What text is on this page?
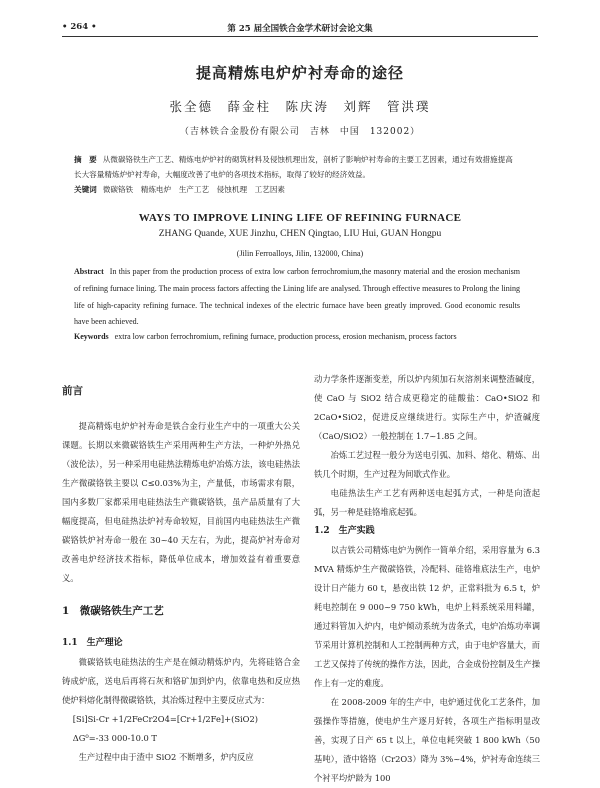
• 264 •	第 25 届全国铁合金学术研讨会论文集
提高精炼电炉炉衬寿命的途径
张全德　薛金柱　陈庆涛　刘辉　管洪璞
（吉林铁合金股份有限公司　吉林　中国　132002）
摘　要 从微碳铬铁生产工艺、精炼电炉炉衬的砌筑材料及侵蚀机理出发，剖析了影响炉衬寿命的主要工艺因素，通过有效措施提高长大容量精炼炉炉衬寿命，大幅度改善了电炉的各项技术指标，取得了较好的经济效益。
关键词 微碳铬铁　精炼电炉　生产工艺　侵蚀机理　工艺因素
WAYS TO IMPROVE LINING LIFE OF REFINING FURNACE
ZHANG Quande, XUE Jinzhu, CHEN Qingtao, LIU Hui, GUAN Hongpu
(Jilin Ferroalloys, Jilin, 132000, China)
Abstract In this paper from the production process of extra low carbon ferrochromium,the masonry material and the erosion mechanism of refining furnace lining. The main process factors affecting the Lining life are analysed. Through effective measures to Prolong the lining life of high-capacity refining furnace. The technical indexes of the electric furnace have been greatly improved. Good economic results have been achieved.
Keywords extra low carbon ferrochromium, refining furnace, production process, erosion mechanism, process factors
前言

提高精炼电炉炉衬寿命是铁合金行业生产中的一项重大公关课题。长期以来微碳铬铁生产采用两种生产方法，一种炉外热兑（波伦法），另一种采用电硅热法精炼电炉冶炼方法，该电硅热法生产微碳铬铁主要以 C≤0.03%为主，产量低，市场需求有限，国内多数厂家都采用电硅热法生产微碳铬铁，虽产品质量有了大幅度提高，但电硅热法炉衬寿命较短，目前国内电硅热法生产微碳铬铁炉衬寿命一般在 30~40 天左右，为此，提高炉衬寿命对改善电炉经济技术指标，降低单位成本，增加效益有着重要意义。

1　微碳铬铁生产工艺
1.1　生产理论

微碳铬铁电硅热法的生产是在倾动精炼炉内，先将硅铬合金铸成炉底，送电后再将石灰和铬矿加到炉内，依靠电热和反应热使炉料熔化制得微碳铬铁，其冶炼过程中主要反应式为：

[Si]Si-Cr +1/2FeCr2O4=[Cr+1/2Fe]+(SiO2)

ΔG⁰=-33 000-10.0 T

生产过程中由于渣中 SiO2 不断增多，炉内反应

动力学条件逐渐变差，所以炉内须加石灰溶剂来调整渣碱度，使 CaO 与 SiO2 结合成更稳定的硅酸盐：CaO•SiO2 和 2CaO•SiO2，促进反应继续进行。实际生产中，炉渣碱度（CaO/SiO2）一般控制在 1.7~1.85 之间。

冶炼工艺过程一般分为送电引弧、加料、熔化、精炼、出铁几个时期，生产过程为间歇式作业。

电硅热法生产工艺有两种送电起弧方式，一种是向渣起弧，另一种是硅铬堆底起弧。

1.2　生产实践

以吉铁公司精炼电炉为例作一简单介绍，采用容量为 6.3 MVA 精炼炉生产微碳铬铁，冷配料、硅铬堆底法生产，电炉设计日产能力 60 t，悬夜出铁 12 炉，正常料批为 6.5 t，炉耗电控制在 9 000~9 750 kWh，电炉上料系统采用料罐，通过料管加入炉内，电炉倾动系统为齿条式，电炉冶炼功率调节采用计算机控制和人工控制两种方式，由于电炉容量大，而工艺又保持了传统的操作方法，因此，合金成份控制及生产操作上有一定的难度。

在 2008-2009 年的生产中，电炉通过优化工艺条件，加强操作等措施，使电炉生产逐月好转，各项生产指标明显改善，实现了日产 65 t 以上，单位电耗突破 1 800 kWh（50 基吨），渣中铬铬（Cr2O3）降为 3%~4%，炉衬寿命连续三个衬平均炉龄为 100
